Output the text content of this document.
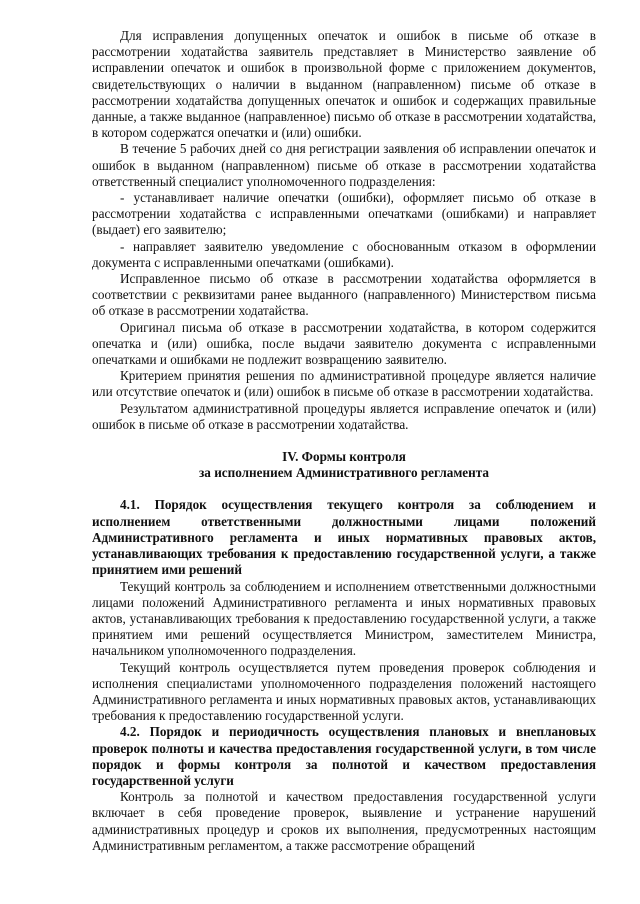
Для исправления допущенных опечаток и ошибок в письме об отказе в рассмотрении ходатайства заявитель представляет в Министерство заявление об исправлении опечаток и ошибок в произвольной форме с приложением документов, свидетельствующих о наличии в выданном (направленном) письме об отказе в рассмотрении ходатайства допущенных опечаток и ошибок и содержащих правильные данные, а также выданное (направленное) письмо об отказе в рассмотрении ходатайства, в котором содержатся опечатки и (или) ошибки.

В течение 5 рабочих дней со дня регистрации заявления об исправлении опечаток и ошибок в выданном (направленном) письме об отказе в рассмотрении ходатайства ответственный специалист уполномоченного подразделения:

- устанавливает наличие опечатки (ошибки), оформляет письмо об отказе в рассмотрении ходатайства с исправленными опечатками (ошибками) и направляет (выдает) его заявителю;

- направляет заявителю уведомление с обоснованным отказом в оформлении документа с исправленными опечатками (ошибками).

Исправленное письмо об отказе в рассмотрении ходатайства оформляется в соответствии с реквизитами ранее выданного (направленного) Министерством письма об отказе в рассмотрении ходатайства.

Оригинал письма об отказе в рассмотрении ходатайства, в котором содержится опечатка и (или) ошибка, после выдачи заявителю документа с исправленными опечатками и ошибками не подлежит возвращению заявителю.

Критерием принятия решения по административной процедуре является наличие или отсутствие опечаток и (или) ошибок в письме об отказе в рассмотрении ходатайства.

Результатом административной процедуры является исправление опечаток и (или) ошибок в письме об отказе в рассмотрении ходатайства.

IV. Формы контроля

за исполнением Административного регламента

4.1. Порядок осуществления текущего контроля за соблюдением и исполнением ответственными должностными лицами положений Административного регламента и иных нормативных правовых актов, устанавливающих требования к предоставлению государственной услуги, а также принятием ими решений

Текущий контроль за соблюдением и исполнением ответственными должностными лицами положений Административного регламента и иных нормативных правовых актов, устанавливающих требования к предоставлению государственной услуги, а также принятием ими решений осуществляется Министром, заместителем Министра, начальником уполномоченного подразделения.

Текущий контроль осуществляется путем проведения проверок соблюдения и исполнения специалистами уполномоченного подразделения положений настоящего Административного регламента и иных нормативных правовых актов, устанавливающих требования к предоставлению государственной услуги.

4.2. Порядок и периодичность осуществления плановых и внеплановых проверок полноты и качества предоставления государственной услуги, в том числе порядок и формы контроля за полнотой и качеством предоставления государственной услуги

Контроль за полнотой и качеством предоставления государственной услуги включает в себя проведение проверок, выявление и устранение нарушений административных процедур и сроков их выполнения, предусмотренных настоящим Административным регламентом, а также рассмотрение обращений
